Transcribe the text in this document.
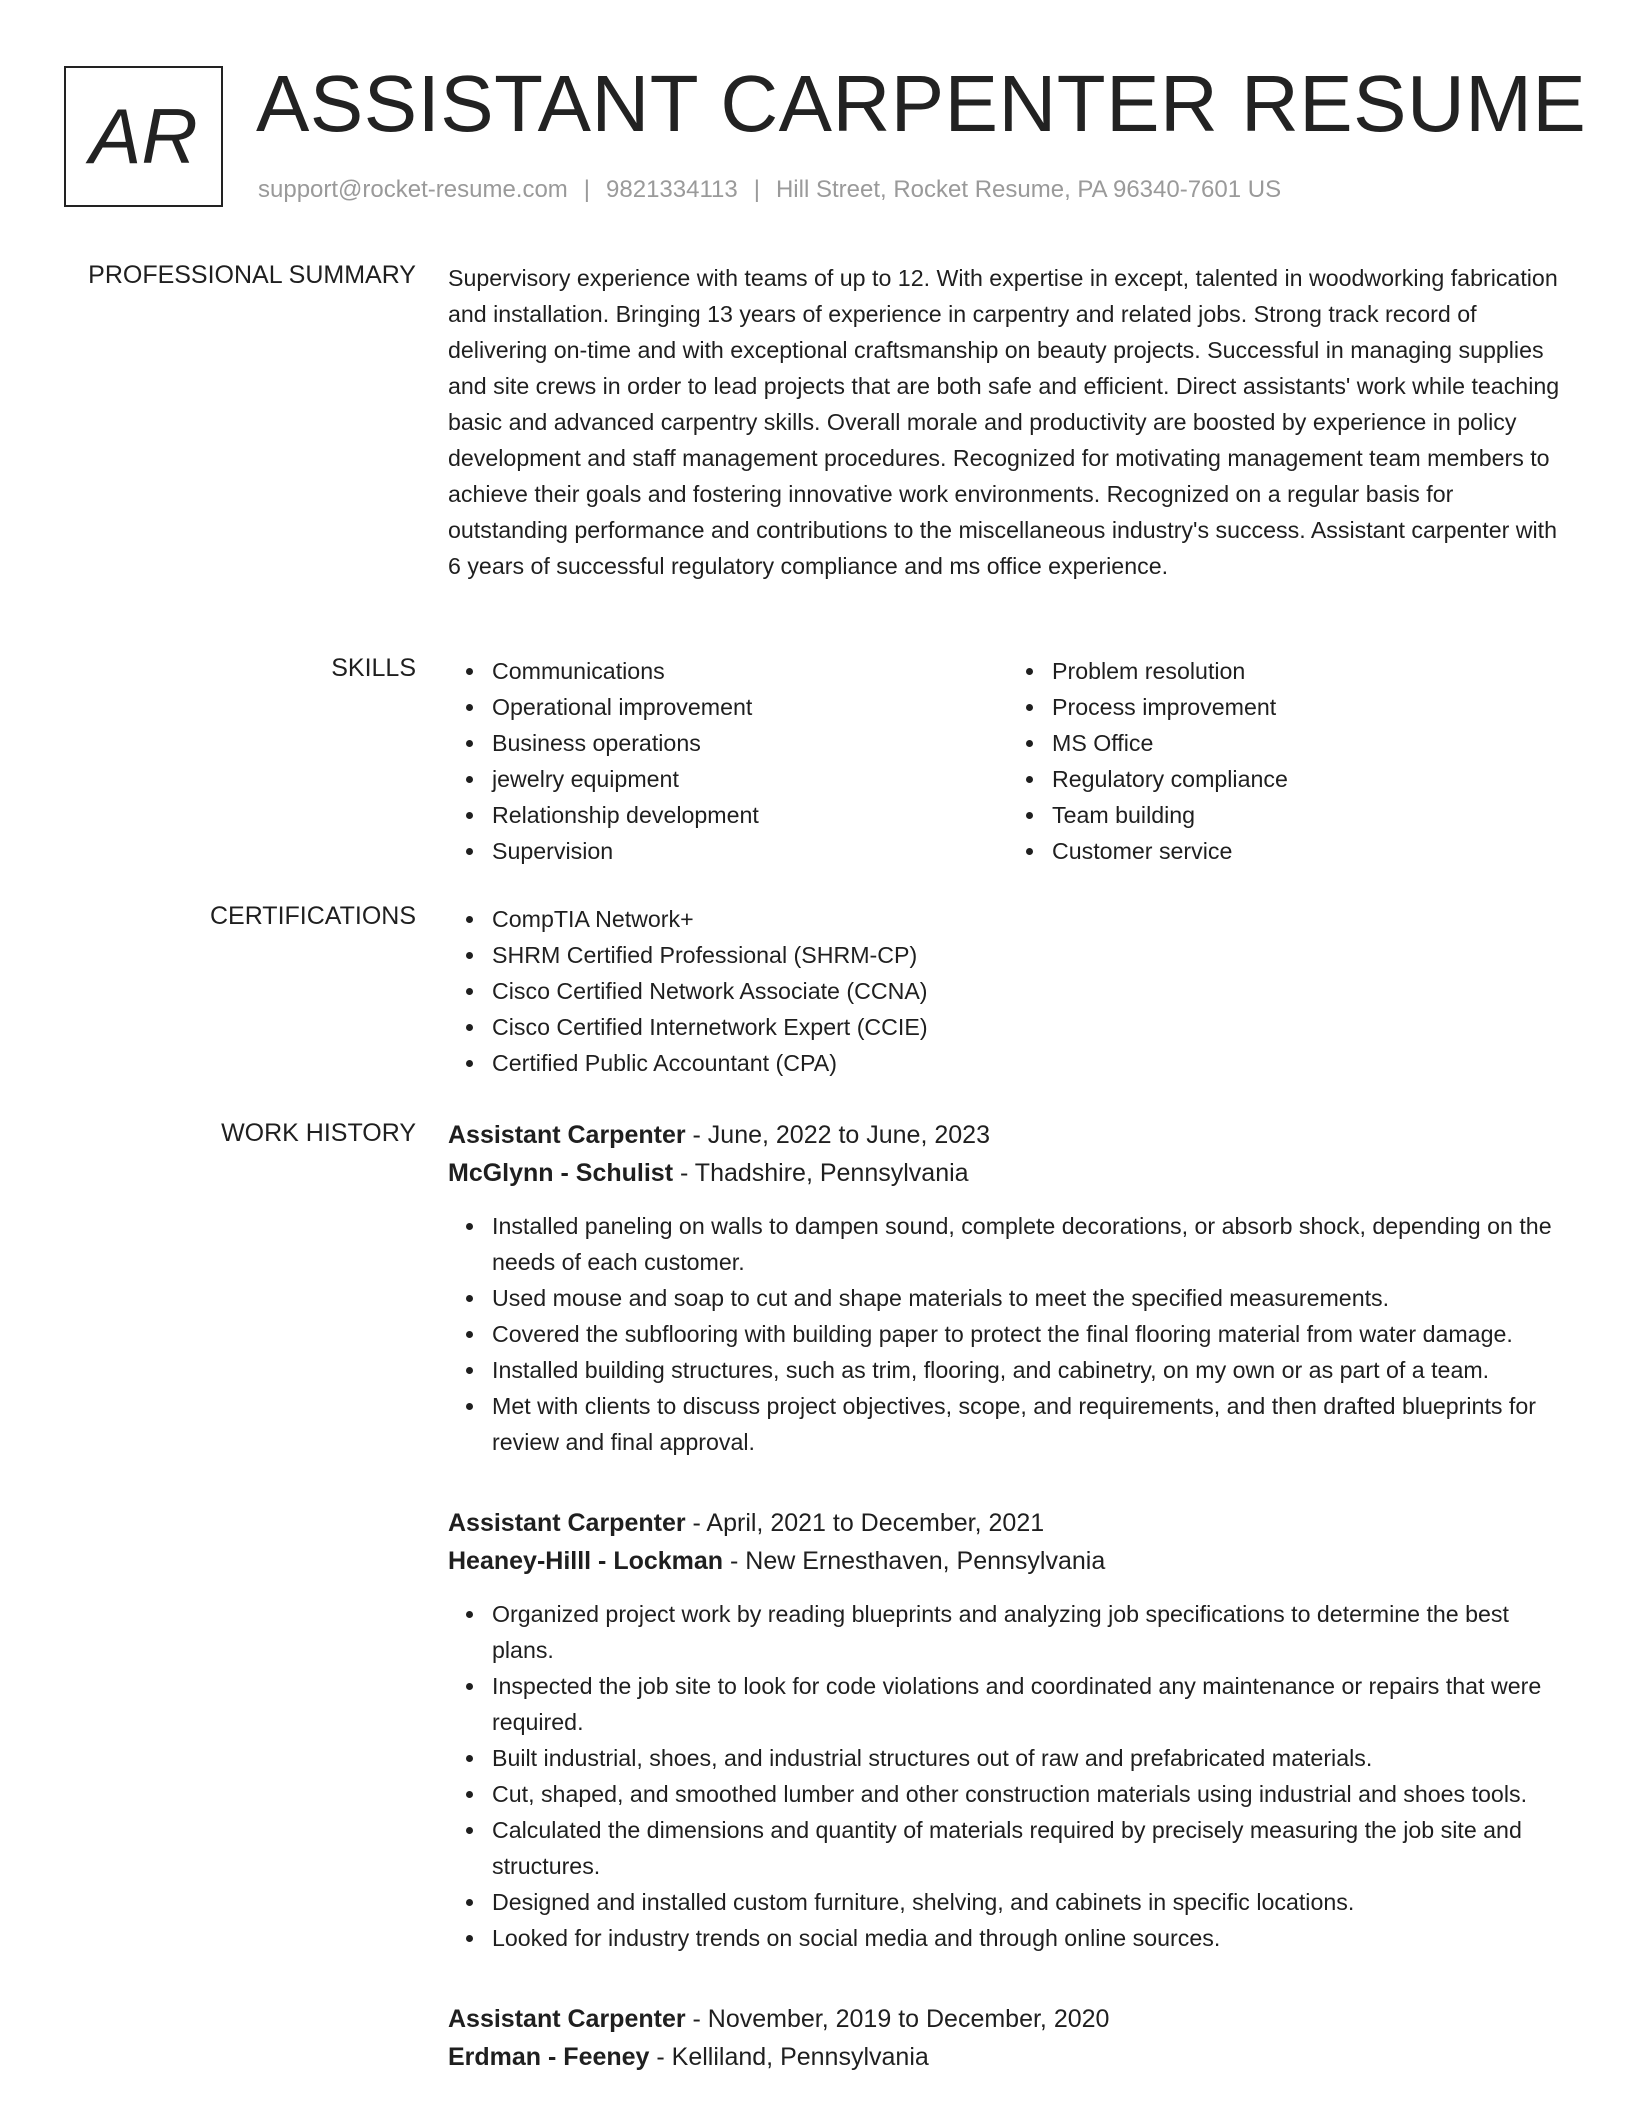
AR ASSISTANT CARPENTER RESUME
support@rocket-resume.com | 9821334113 | Hill Street, Rocket Resume, PA 96340-7601 US
PROFESSIONAL SUMMARY Supervisory experience with teams of up to 12. With expertise in except, talented in woodworking fabrication and installation. Bringing 13 years of experience in carpentry and related jobs. Strong track record of delivering on-time and with exceptional craftsmanship on beauty projects. Successful in managing supplies and site crews in order to lead projects that are both safe and efficient. Direct assistants' work while teaching basic and advanced carpentry skills. Overall morale and productivity are boosted by experience in policy development and staff management procedures. Recognized for motivating management team members to achieve their goals and fostering innovative work environments. Recognized on a regular basis for outstanding performance and contributions to the miscellaneous industry's success. Assistant carpenter with 6 years of successful regulatory compliance and ms office experience.
SKILLS	Communications
Operational improvement
Business operations
jewelry equipment
Relationship development
Supervision
Problem resolution
Process improvement
MS Office
Regulatory compliance
Team building
Customer service
CERTIFICATIONS	CompTIA Network+
SHRM Certified Professional (SHRM-CP)
Cisco Certified Network Associate (CCNA)
Cisco Certified Internetwork Expert (CCIE)
Certified Public Accountant (CPA)
WORK HISTORY Assistant Carpenter - June, 2022 to June, 2023
McGlynn - Schulist - Thadshire, Pennsylvania
Installed paneling on walls to dampen sound, complete decorations, or absorb shock, depending on the needs of each customer.
Used mouse and soap to cut and shape materials to meet the specified measurements.
Covered the subflooring with building paper to protect the final flooring material from water damage.
Installed building structures, such as trim, flooring, and cabinetry, on my own or as part of a team.
Met with clients to discuss project objectives, scope, and requirements, and then drafted blueprints for review and final approval.
Assistant Carpenter - April, 2021 to December, 2021
Heaney-Hilll - Lockman - New Ernesthaven, Pennsylvania
Organized project work by reading blueprints and analyzing job specifications to determine the best plans.
Inspected the job site to look for code violations and coordinated any maintenance or repairs that were required.
Built industrial, shoes, and industrial structures out of raw and prefabricated materials.
Cut, shaped, and smoothed lumber and other construction materials using industrial and shoes tools.
Calculated the dimensions and quantity of materials required by precisely measuring the job site and structures.
Designed and installed custom furniture, shelving, and cabinets in specific locations.
Looked for industry trends on social media and through online sources.
Assistant Carpenter - November, 2019 to December, 2020
Erdman - Feeney - Kelliland, Pennsylvania
